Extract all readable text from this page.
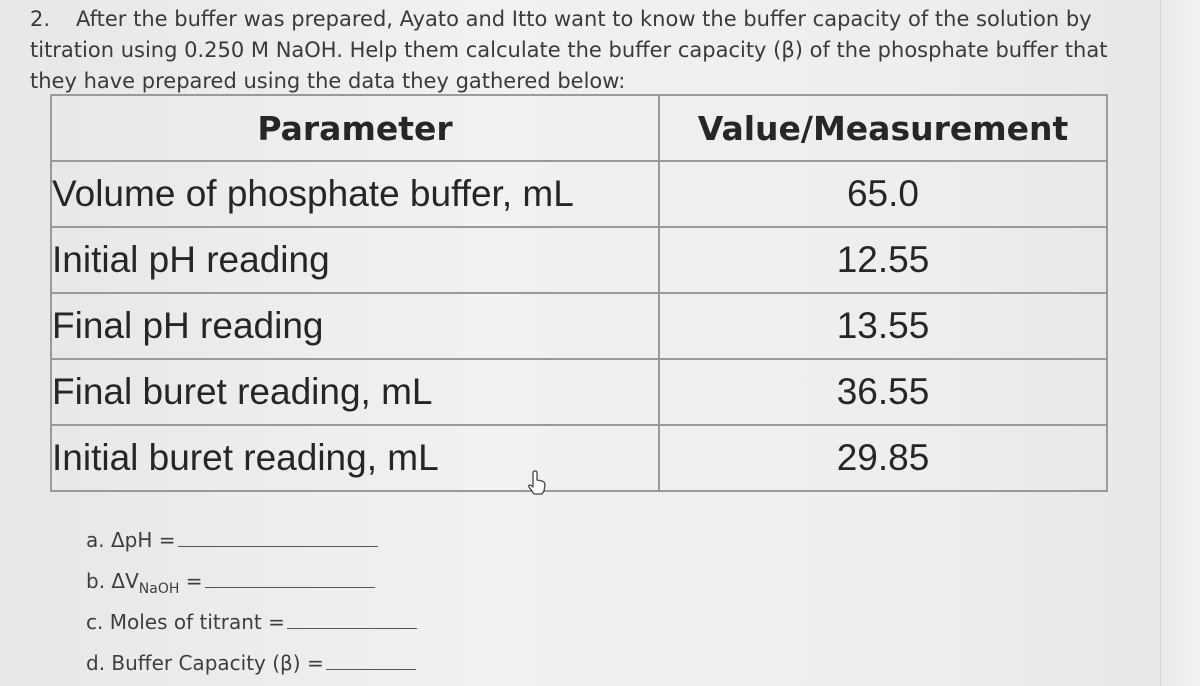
2. After the buffer was prepared, Ayato and Itto want to know the buffer capacity of the solution by titration using 0.250 M NaOH. Help them calculate the buffer capacity (β) of the phosphate buffer that they have prepared using the data they gathered below:
Parameter	Value/Measurement
Volume of phosphate buffer, mL	65.0
Initial pH reading	12.55
Final pH reading	13.55
Final buret reading, mL	36.55
Initial buret reading, mL	29.85
a. ΔpH =
b. $\Delta V_{NaOH}$ =
c. Moles of titrant =
d. Buffer Capacity (β) =
